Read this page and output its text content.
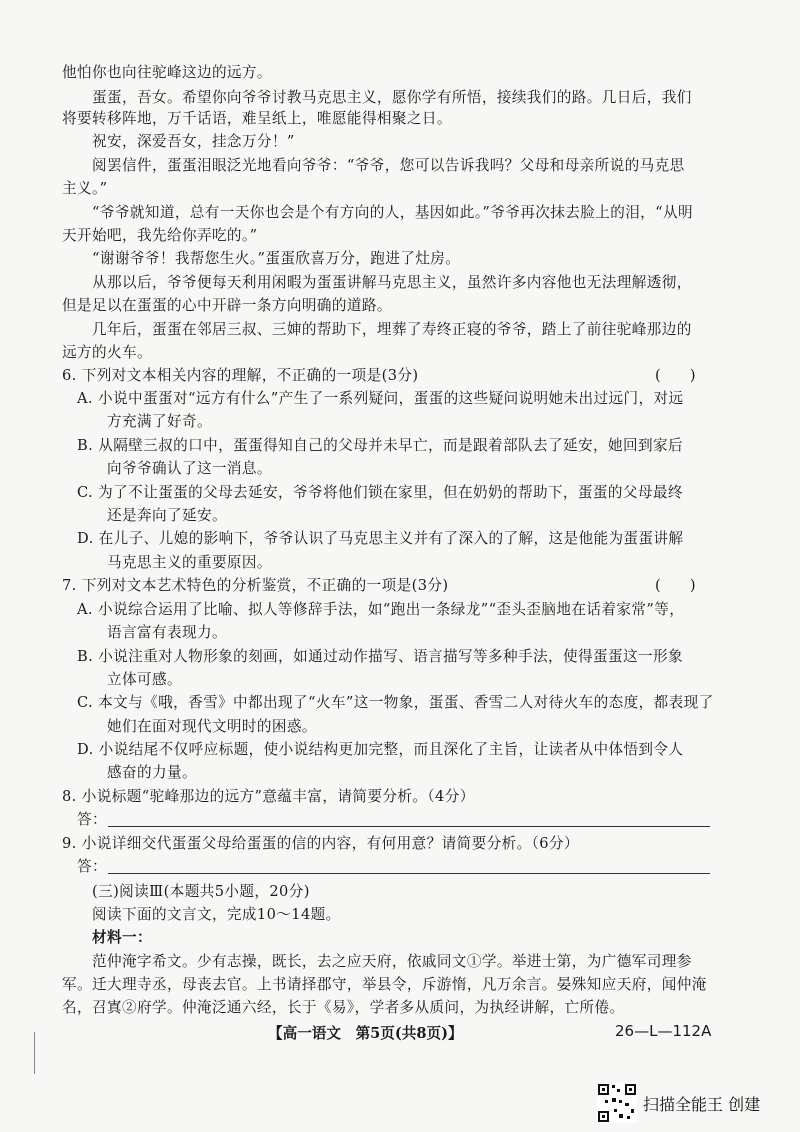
他怕你也向往驼峰这边的远方。
　　蛋蛋，吾女。希望你向爷爷讨教马克思主义，愿你学有所悟，接续我们的路。几日后，我们
将要转移阵地，万千话语，难呈纸上，唯愿能得相聚之日。
　　祝安，深爱吾女，挂念万分！”
　　阅罢信件，蛋蛋泪眼泛光地看向爷爷：“爷爷，您可以告诉我吗？父母和母亲所说的马克思
主义。”
　　“爷爷就知道，总有一天你也会是个有方向的人，基因如此。”爷爷再次抹去脸上的泪，“从明
天开始吧，我先给你弄吃的。”
　　“谢谢爷爷！我帮您生火。”蛋蛋欣喜万分，跑进了灶房。
　　从那以后，爷爷便每天利用闲暇为蛋蛋讲解马克思主义，虽然许多内容他也无法理解透彻，
但是足以在蛋蛋的心中开辟一条方向明确的道路。
　　几年后，蛋蛋在邻居三叔、三婶的帮助下，埋葬了寿终正寝的爷爷，踏上了前往驼峰那边的
远方的火车。
6. 下列对文本相关内容的理解，不正确的一项是(3分)	(　　)
　A. 小说中蛋蛋对“远方有什么”产生了一系列疑问，蛋蛋的这些疑问说明她未出过远门，对远
　　　方充满了好奇。
　B. 从隔壁三叔的口中，蛋蛋得知自己的父母并未早亡，而是跟着部队去了延安，她回到家后
　　　向爷爷确认了这一消息。
　C. 为了不让蛋蛋的父母去延安，爷爷将他们锁在家里，但在奶奶的帮助下，蛋蛋的父母最终
　　　还是奔向了延安。
　D. 在儿子、儿媳的影响下，爷爷认识了马克思主义并有了深入的了解，这是他能为蛋蛋讲解
　　　马克思主义的重要原因。
7. 下列对文本艺术特色的分析鉴赏，不正确的一项是(3分)	(　　)
　A. 小说综合运用了比喻、拟人等修辞手法，如“跑出一条绿龙”“歪头歪脑地在话着家常”等，
　　　语言富有表现力。
　B. 小说注重对人物形象的刻画，如通过动作描写、语言描写等多种手法，使得蛋蛋这一形象
　　　立体可感。
　C. 本文与《哦，香雪》中都出现了“火车”这一物象，蛋蛋、香雪二人对待火车的态度，都表现了
　　　她们在面对现代文明时的困惑。
　D. 小说结尾不仅呼应标题，使小说结构更加完整，而且深化了主旨，让读者从中体悟到令人
　　　感奋的力量。
8. 小说标题“驼峰那边的远方”意蕴丰富，请简要分析。（4分）
　答：
9. 小说详细交代蛋蛋父母给蛋蛋的信的内容，有何用意？请简要分析。（6分）
　答：
　　(三)阅读Ⅲ(本题共5小题，20分)
　　阅读下面的文言文，完成10～14题。
　　材料一：
　　范仲淹字希文。少有志操，既长，去之应天府，依戚同文①学。举进士第，为广德军司理参
军。迁大理寺丞，母丧去官。上书请择郡守，举县令，斥游惰，凡万余言。晏殊知应天府，闻仲淹
名，召寘②府学。仲淹泛通六经，长于《易》，学者多从质问，为执经讲解，亡所倦。
【高一语文　第5页(共8页)】	26—L—112A
扫描全能王 创建
